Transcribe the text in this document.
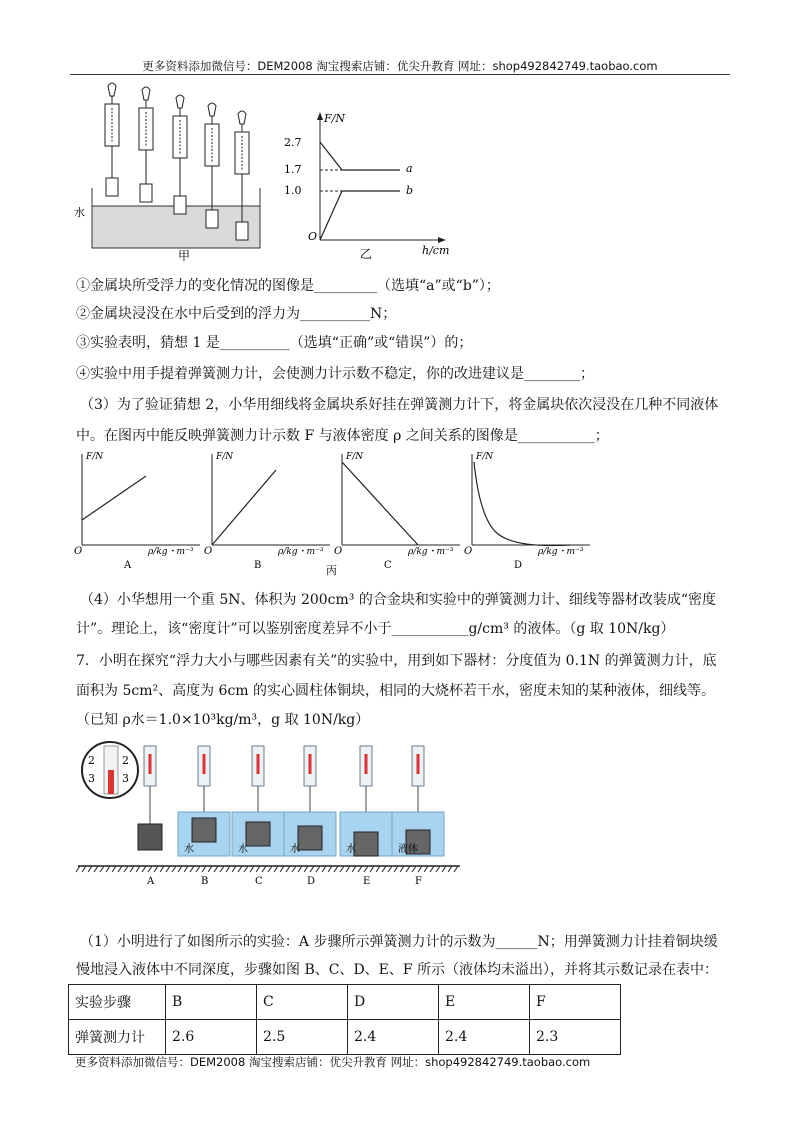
更多资料添加微信号：DEM2008 淘宝搜索店铺：优尖升教育 网址：shop492842749.taobao.com
水
甲
F/N
h/cm
O
2.7
1.7
1.0
a
b
乙
①金属块所受浮力的变化情况的图像是_________（选填“a”或“b”）；
②金属块浸没在水中后受到的浮力为__________N；
③实验表明，猜想 1 是__________（选填“正确”或“错误”）的；
④实验中用手提着弹簧测力计，会使测力计示数不稳定，你的改进建议是________；
（3）为了验证猜想 2，小华用细线将金属块系好挂在弹簧测力计下，将金属块依次浸没在几种不同液体
中。在图丙中能反映弹簧测力计示数 F 与液体密度 ρ 之间关系的图像是___________；
F/N
ρ/kg・m⁻³
O
A
F/N
ρ/kg・m⁻³
O
B
F/N
ρ/kg・m⁻³
O
C
F/N
ρ/kg・m⁻³
O
D
丙
（4）小华想用一个重 5N、体积为 200cm³ 的合金块和实验中的弹簧测力计、细线等器材改装成“密度
计”。理论上，该“密度计”可以鉴别密度差异不小于___________g/cm³ 的液体。（g 取 10N/kg）
7．小明在探究“浮力大小与哪些因素有关”的实验中，用到如下器材：分度值为 0.1N 的弹簧测力计，底
面积为 5cm²、高度为 6cm 的实心圆柱体铜块，相同的大烧杯若干水，密度未知的某种液体，细线等。
（已知 ρ水＝1.0×10³kg/m³，g 取 10N/kg）
2 2
3 3
水	水	水	水	液体
A	B	C	D	E	F
（1）小明进行了如图所示的实验：A 步骤所示弹簧测力计的示数为______N；用弹簧测力计挂着铜块缓
慢地浸入液体中不同深度，步骤如图 B、C、D、E、F 所示（液体均未溢出），并将其示数记录在表中：
实验步骤	B	C	D	E	F
弹簧测力计	2.6	2.5	2.4	2.4	2.3
更多资料添加微信号：DEM2008 淘宝搜索店铺：优尖升教育 网址：shop492842749.taobao.com
